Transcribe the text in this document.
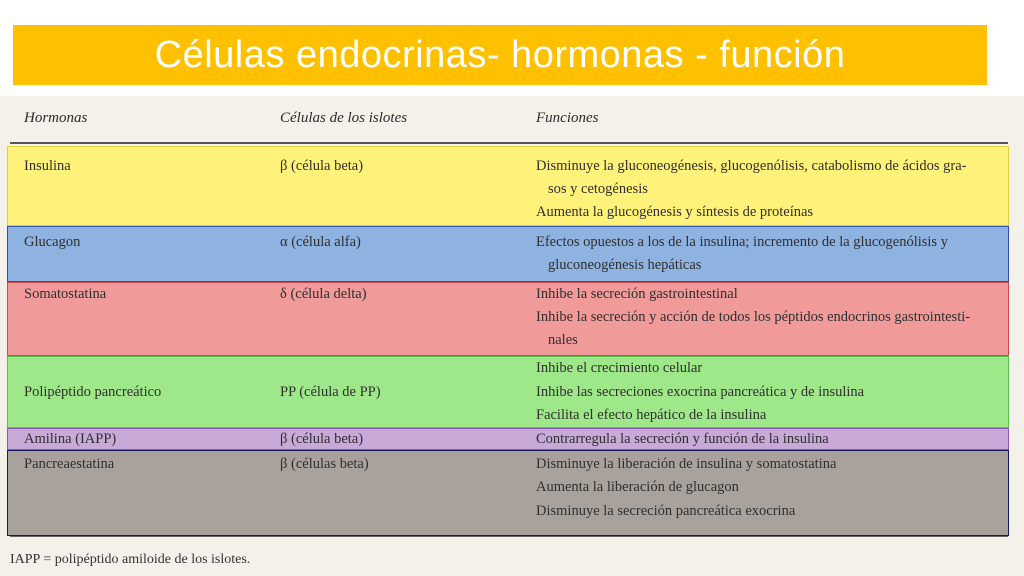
Células endocrinas- hormonas - función
Hormonas	Células de los islotes	Funciones
Insulina	β (célula beta)	Disminuye la gluconeogénesis, glucogenólisis, catabolismo de ácidos gra-
sos y cetogénesis
Aumenta la glucogénesis y síntesis de proteínas
Glucagon	α (célula alfa)	Efectos opuestos a los de la insulina; incremento de la glucogenólisis y
gluconeogénesis hepáticas
Somatostatina	δ (célula delta)	Inhibe la secreción gastrointestinal
Inhibe la secreción y acción de todos los péptidos endocrinos gastrointesti-
nales
Polipéptido pancreático	PP (célula de PP)
Inhibe el crecimiento celular
Inhibe las secreciones exocrina pancreática y de insulina
Facilita el efecto hepático de la insulina
Amilina (IAPP)	β (célula beta)	Contrarregula la secreción y función de la insulina
Pancreaestatina	β (células beta)	Disminuye la liberación de insulina y somatostatina
Aumenta la liberación de glucagon
Disminuye la secreción pancreática exocrina
IAPP = polipéptido amiloide de los islotes.
